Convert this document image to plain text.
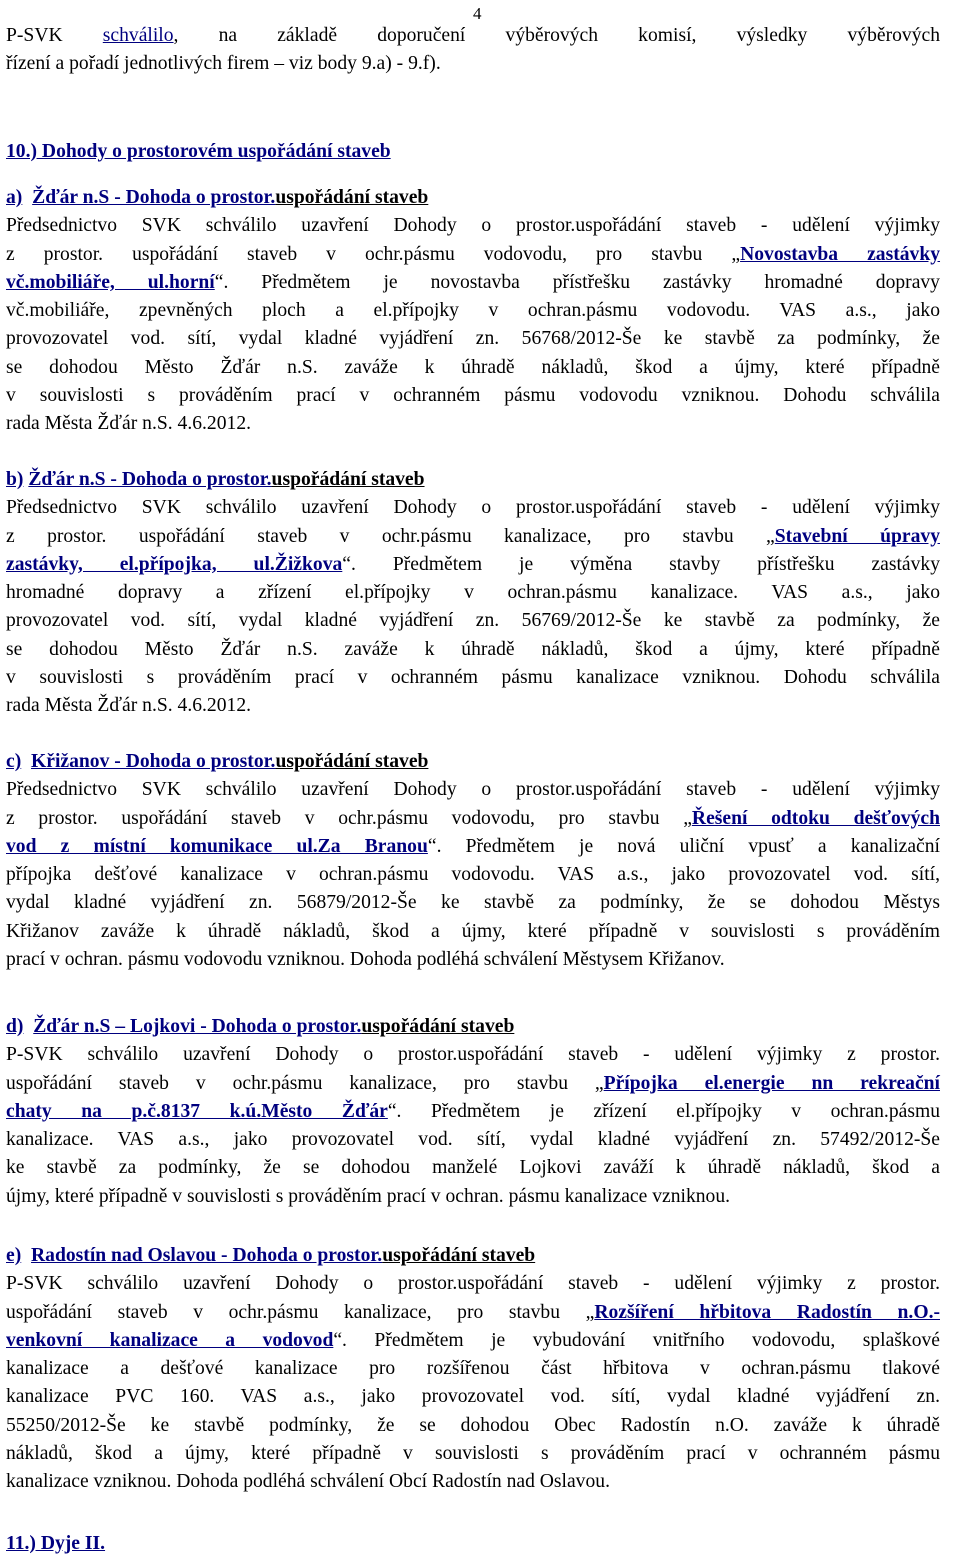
4

P-SVK schválilo, na základě doporučení výběrových komisí, výsledky výběrových

řízení a pořadí jednotlivých firem – viz body 9.a) - 9.f).

10.) Dohody o prostorovém uspořádání staveb

a) Žďár n.S - Dohoda o prostor.uspořádání staveb

Předsednictvo SVK schválilo uzavření Dohody o prostor.uspořádání staveb - udělení výjimky

z prostor. uspořádání staveb v ochr.pásmu vodovodu, pro stavbu „Novostavba zastávky

vč.mobiliáře, ul.horní“. Předmětem je novostavba přístřešku zastávky hromadné dopravy

vč.mobiliáře, zpevněných ploch a el.přípojky v ochran.pásmu vodovodu. VAS a.s., jako

provozovatel vod. sítí, vydal kladné vyjádření zn. 56768/2012-Še ke stavbě za podmínky, že

se dohodou Město Žďár n.S. zaváže k úhradě nákladů, škod a újmy, které případně

v souvislosti s prováděním prací v ochranném pásmu vodovodu vzniknou. Dohodu schválila

rada Města Žďár n.S. 4.6.2012.

b) Žďár n.S - Dohoda o prostor.uspořádání staveb

Předsednictvo SVK schválilo uzavření Dohody o prostor.uspořádání staveb - udělení výjimky

z prostor. uspořádání staveb v ochr.pásmu kanalizace, pro stavbu „Stavební úpravy

zastávky, el.přípojka, ul.Žižkova“. Předmětem je výměna stavby přístřešku zastávky

hromadné dopravy a zřízení el.přípojky v ochran.pásmu kanalizace. VAS a.s., jako

provozovatel vod. sítí, vydal kladné vyjádření zn. 56769/2012-Še ke stavbě za podmínky, že

se dohodou Město Žďár n.S. zaváže k úhradě nákladů, škod a újmy, které případně

v souvislosti s prováděním prací v ochranném pásmu kanalizace vzniknou. Dohodu schválila

rada Města Žďár n.S. 4.6.2012.

c) Křižanov - Dohoda o prostor.uspořádání staveb

Předsednictvo SVK schválilo uzavření Dohody o prostor.uspořádání staveb - udělení výjimky

z prostor. uspořádání staveb v ochr.pásmu vodovodu, pro stavbu „Řešení odtoku dešťových

vod z místní komunikace ul.Za Branou“. Předmětem je nová uliční vpusť a kanalizační

přípojka dešťové kanalizace v ochran.pásmu vodovodu. VAS a.s., jako provozovatel vod. sítí,

vydal kladné vyjádření zn. 56879/2012-Še ke stavbě za podmínky, že se dohodou Městys

Křižanov zaváže k úhradě nákladů, škod a újmy, které případně v souvislosti s prováděním

prací v ochran. pásmu vodovodu vzniknou. Dohoda podléhá schválení Městysem Křižanov.

d) Žďár n.S – Lojkovi - Dohoda o prostor.uspořádání staveb

P-SVK schválilo uzavření Dohody o prostor.uspořádání staveb - udělení výjimky z prostor.

uspořádání staveb v ochr.pásmu kanalizace, pro stavbu „Přípojka el.energie nn rekreační

chaty na p.č.8137 k.ú.Město Žďár“. Předmětem je zřízení el.přípojky v ochran.pásmu

kanalizace. VAS a.s., jako provozovatel vod. sítí, vydal kladné vyjádření zn. 57492/2012-Še

ke stavbě za podmínky, že se dohodou manželé Lojkovi zaváží k úhradě nákladů, škod a

újmy, které případně v souvislosti s prováděním prací v ochran. pásmu kanalizace vzniknou.

e) Radostín nad Oslavou - Dohoda o prostor.uspořádání staveb

P-SVK schválilo uzavření Dohody o prostor.uspořádání staveb - udělení výjimky z prostor.

uspořádání staveb v ochr.pásmu kanalizace, pro stavbu „Rozšíření hřbitova Radostín n.O.-

venkovní kanalizace a vodovod“. Předmětem je vybudování vnitřního vodovodu, splaškové

kanalizace a dešťové kanalizace pro rozšířenou část hřbitova v ochran.pásmu tlakové

kanalizace PVC 160. VAS a.s., jako provozovatel vod. sítí, vydal kladné vyjádření zn.

55250/2012-Še ke stavbě podmínky, že se dohodou Obec Radostín n.O. zaváže k úhradě

nákladů, škod a újmy, které případně v souvislosti s prováděním prací v ochranném pásmu

kanalizace vzniknou. Dohoda podléhá schválení Obcí Radostín nad Oslavou.

11.) Dyje II.
